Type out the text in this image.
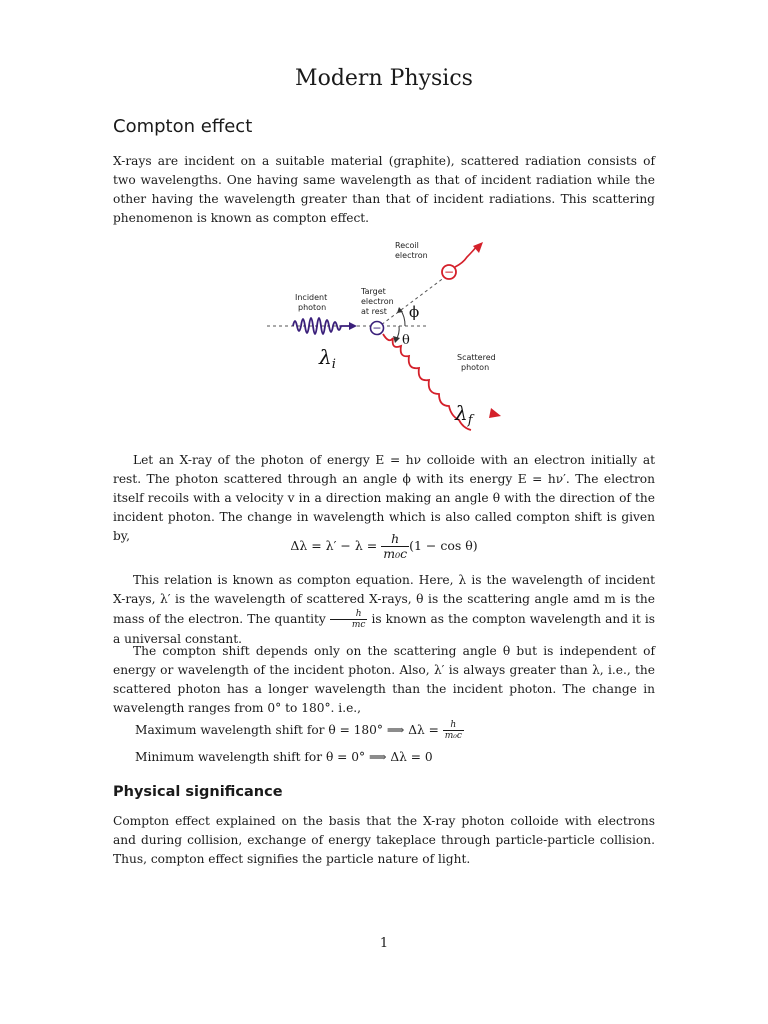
Modern Physics
Compton effect

X-rays are incident on a suitable material (graphite), scattered radiation consists of two wavelengths. One having same wavelength as that of incident radiation while the other having the wavelength greater than that of incident radiations. This scattering phenomenon is known as compton effect.

−
−
ϕ
θ
Recoil
electron
Target
electron
at rest
Incident
photon
Scattered
photon
$\lambda_i$
$\lambda_f$

Let an X-ray of the photon of energy E = hν colloide with an electron initially at rest. The photon scattered through an angle ϕ with its energy E = hν′. The electron itself recoils with a velocity v in a direction making an angle θ with the direction of the incident photon. The change in wavelength which is also called compton shift is given by,

$\Delta\lambda = \lambda' - \lambda = \frac{h}{\text{m₀c}} (1 - \cos \theta)$

This relation is known as compton equation. Here, λ is the wavelength of incident X-rays, λ′ is the wavelength of scattered X-rays, θ is the scattering angle amd m is the mass of the electron. The quantity $\frac{h}{mc}$ is known as the compton wavelength and it is a universal constant.

The compton shift depends only on the scattering angle θ but is independent of energy or wavelength of the incident photon. Also, λ′ is always greater than λ, i.e., the scattered photon has a longer wavelength than the incident photon. The change in wavelength ranges from 0° to 180°. i.e.,

Maximum wavelength shift for θ = 180° ⟹ $\Delta\lambda = \frac{h}{\text{m₀c}}$
Minimum wavelength shift for θ = 0° ⟹ Δλ = 0
Physical significance

Compton effect explained on the basis that the X-ray photon colloide with electrons and during collision, exchange of energy takeplace through particle-particle collision. Thus, compton effect signifies the particle nature of light.

1
